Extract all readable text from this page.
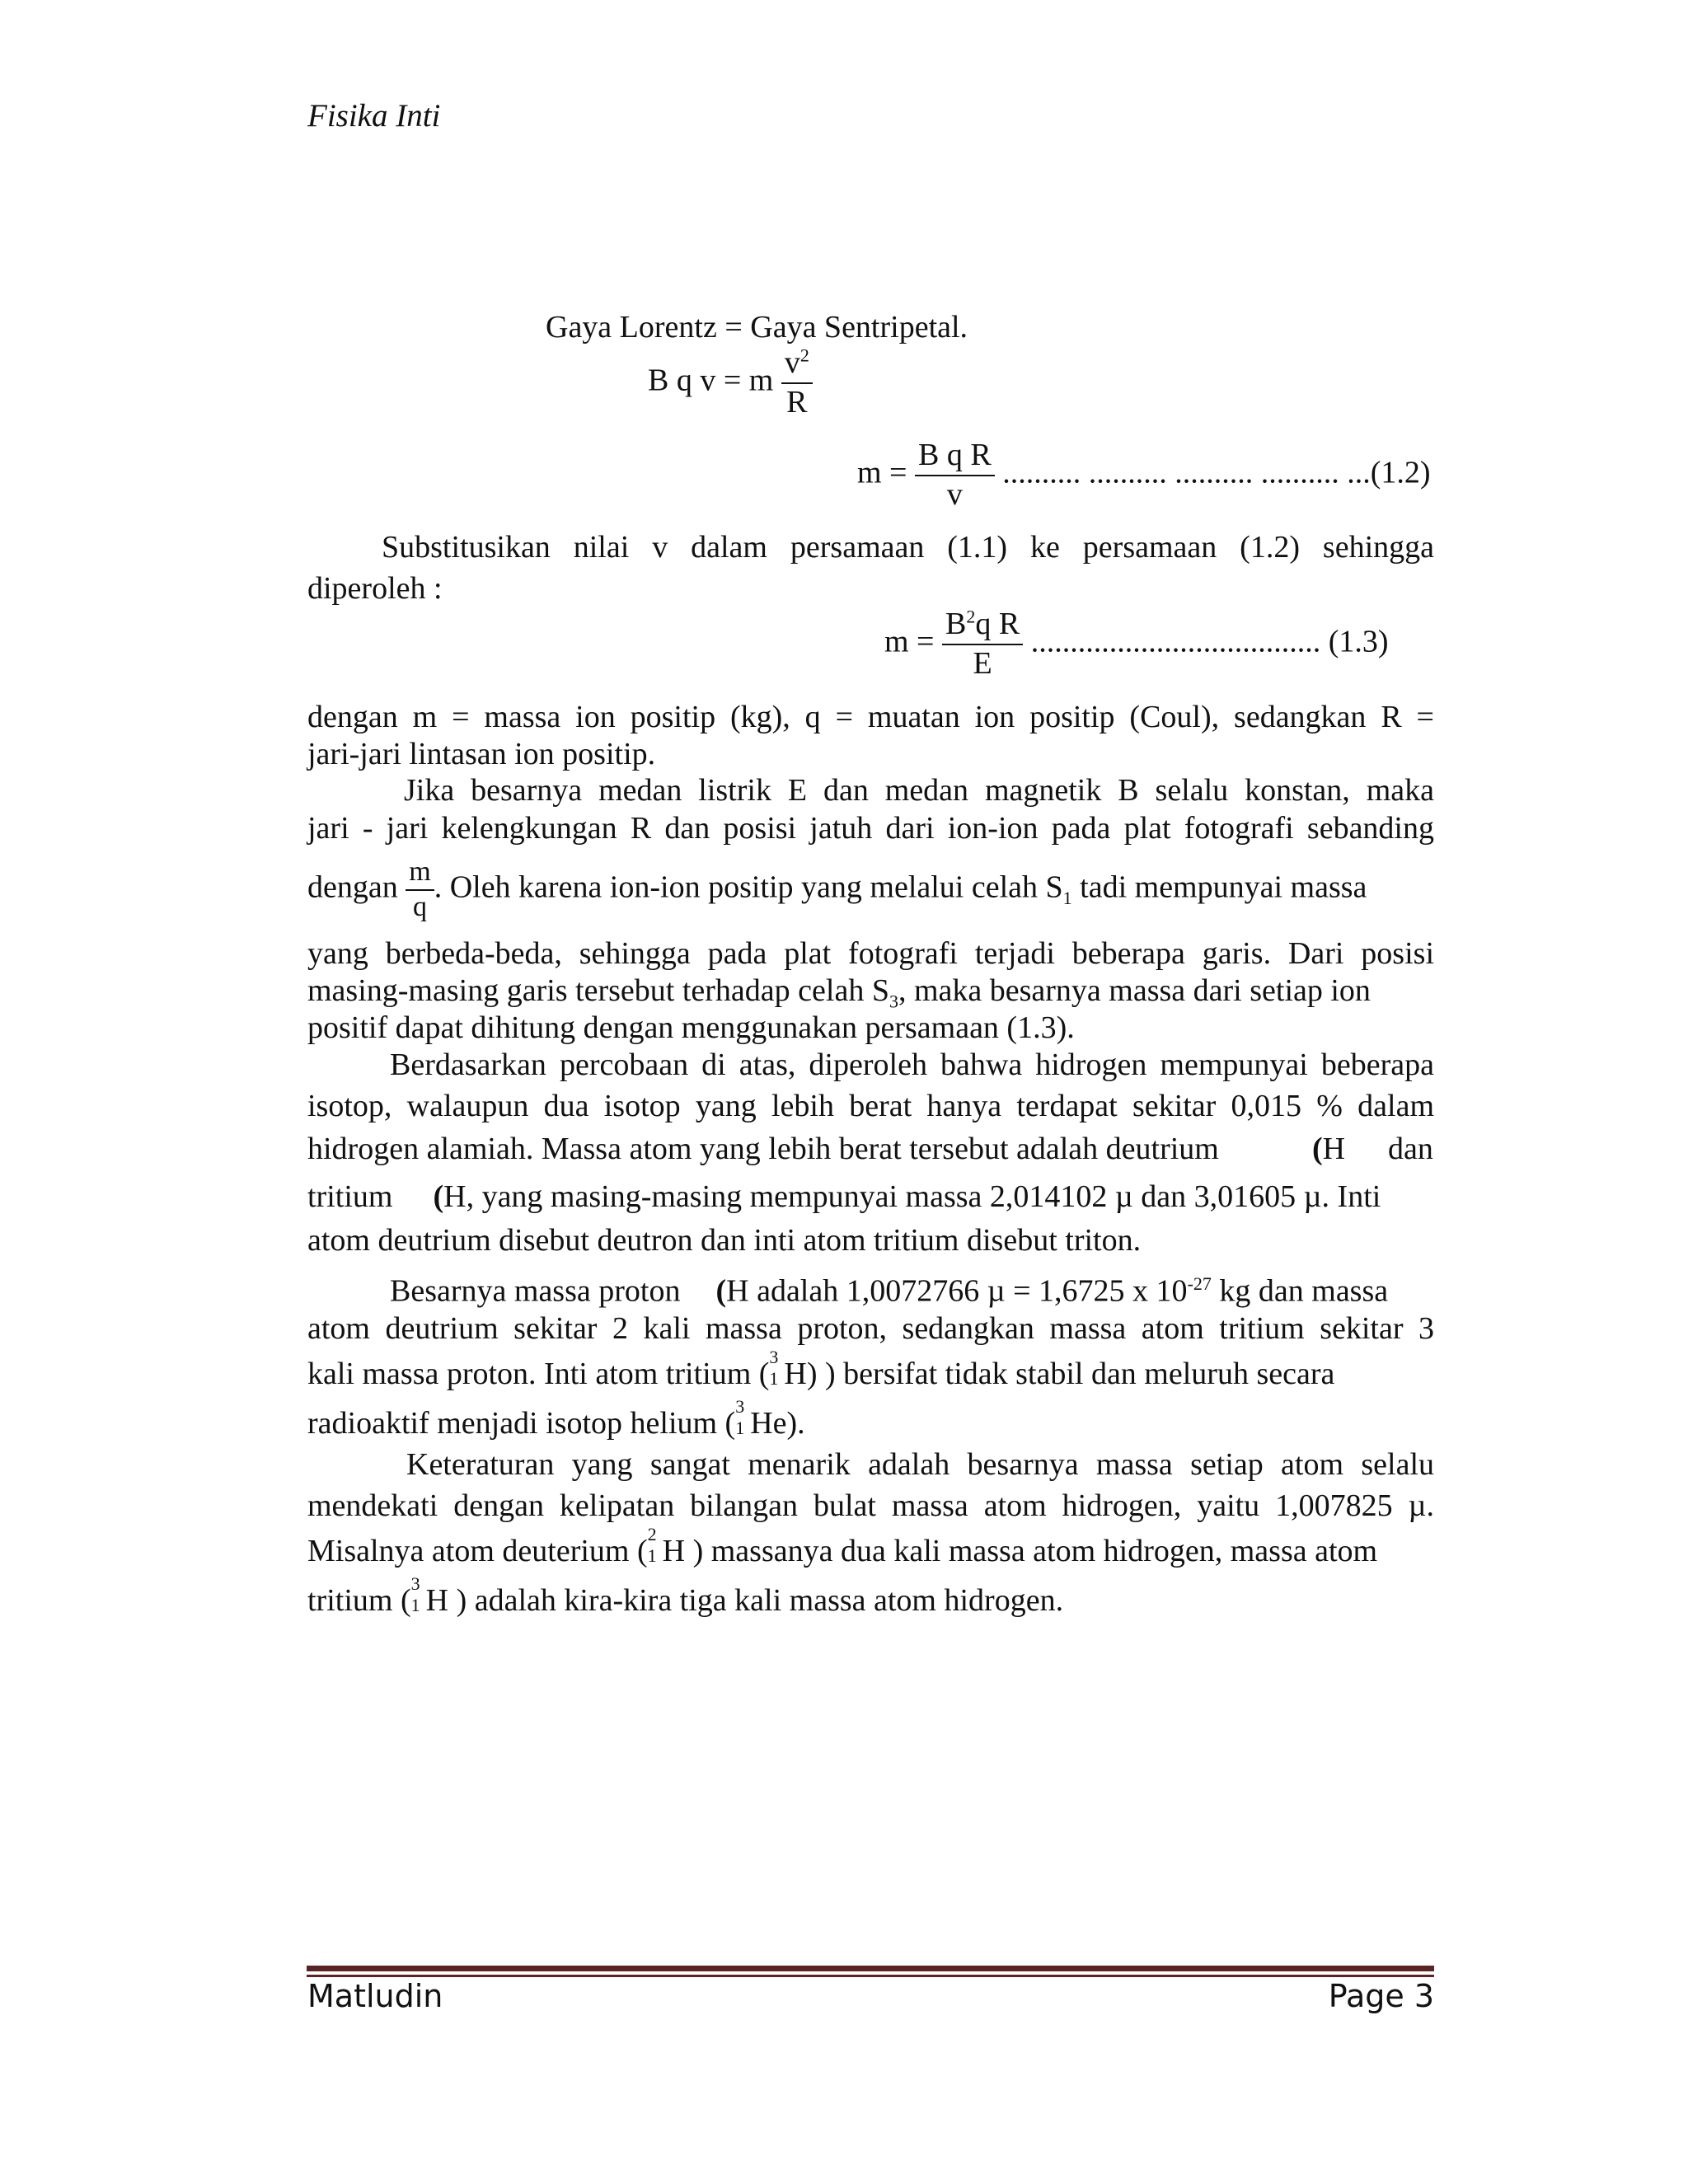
Fisika Inti
Gaya Lorentz = Gaya Sentripetal.
B q v = m $\frac{v^2}{R}$
$m = \frac{\text{B q R}}{v}$ .......... .......... .......... .......... ...(1.2)
Substitusikan nilai v dalam persamaan (1.1) ke persamaan (1.2) sehingga
diperoleh :
$m = \frac{B^2q R}{E}$ ..................................... (1.3)
dengan m = massa ion positip (kg), q = muatan ion positip (Coul), sedangkan R =
jari-jari lintasan ion positip.
Jika besarnya medan listrik E dan medan magnetik B selalu konstan, maka
jari - jari kelengkungan R dan posisi jatuh dari ion-ion pada plat fotografi sebanding
dengan $\frac{m}{q}$ . Oleh karena ion-ion positip yang melalui celah $S_1$ tadi mempunyai massa
yang berbeda-beda, sehingga pada plat fotografi terjadi beberapa garis. Dari posisi
masing-masing garis tersebut terhadap celah $S_3$, maka besarnya massa dari setiap ion
positif dapat dihitung dengan menggunakan persamaan (1.3).
Berdasarkan percobaan di atas, diperoleh bahwa hidrogen mempunyai beberapa
isotop, walaupun dua isotop yang lebih berat hanya terdapat sekitar 0,015 % dalam
hidrogen alamiah. Massa atom yang lebih berat tersebut adalah deutrium	(H dan
tritium (H, yang masing-masing mempunyai massa 2,014102 µ dan 3,01605 µ. Inti
atom deutrium disebut deutron dan inti atom tritium disebut triton.
Besarnya massa proton (H adalah 1,0072766 µ = 1,6725 x $10^{-27}$ kg dan massa
atom deutrium sekitar 2 kali massa proton, sedangkan massa atom tritium sekitar 3
kali massa proton. Inti atom tritium ( 3
1 H) ) bersifat tidak stabil dan meluruh secara
radioaktif menjadi isotop helium ( 3
1 He).
Keteraturan yang sangat menarik adalah besarnya massa setiap atom selalu
mendekati dengan kelipatan bilangan bulat massa atom hidrogen, yaitu 1,007825 µ.
Misalnya atom deuterium ( 2
1 H ) massanya dua kali massa atom hidrogen, massa atom
tritium ( 3
1 H ) adalah kira-kira tiga kali massa atom hidrogen.
Matludin	Page 3
